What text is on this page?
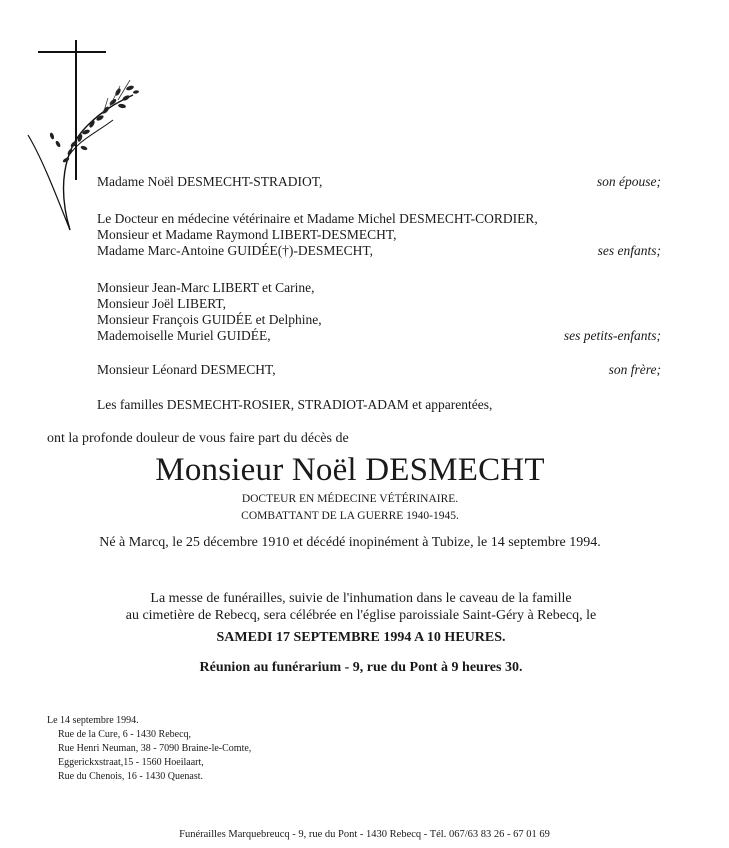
Madame Noël DESMECHT-STRADIOT,	son épouse;
Le Docteur en médecine vétérinaire et Madame Michel DESMECHT-CORDIER,
Monsieur et Madame Raymond LIBERT-DESMECHT,
Madame Marc-Antoine GUIDÉE(†)-DESMECHT,	ses enfants;
Monsieur Jean-Marc LIBERT et Carine,
Monsieur Joël LIBERT,
Monsieur François GUIDÉE et Delphine,
Mademoiselle Muriel GUIDÉE,	ses petits-enfants;
Monsieur Léonard DESMECHT,	son frère;
Les familles DESMECHT-ROSIER, STRADIOT-ADAM et apparentées,
ont la profonde douleur de vous faire part du décès de
Monsieur Noël DESMECHT
DOCTEUR EN MÉDECINE VÉTÉRINAIRE.
COMBATTANT DE LA GUERRE 1940-1945.
Né à Marcq, le 25 décembre 1910 et décédé inopinément à Tubize, le 14 septembre 1994.
La messe de funérailles, suivie de l'inhumation dans le caveau de la famille
au cimetière de Rebecq, sera célébrée en l'église paroissiale Saint-Géry à Rebecq, le
SAMEDI 17 SEPTEMBRE 1994 A 10 HEURES.
Réunion au funérarium - 9, rue du Pont à 9 heures 30.
Le 14 septembre 1994.
Rue de la Cure, 6 - 1430 Rebecq,
Rue Henri Neuman, 38 - 7090 Braine-le-Comte,
Eggerickxstraat,15 - 1560 Hoeilaart,
Rue du Chenois, 16 - 1430 Quenast.
Funérailles Marquebreucq - 9, rue du Pont - 1430 Rebecq - Tél. 067/63 83 26 - 67 01 69
